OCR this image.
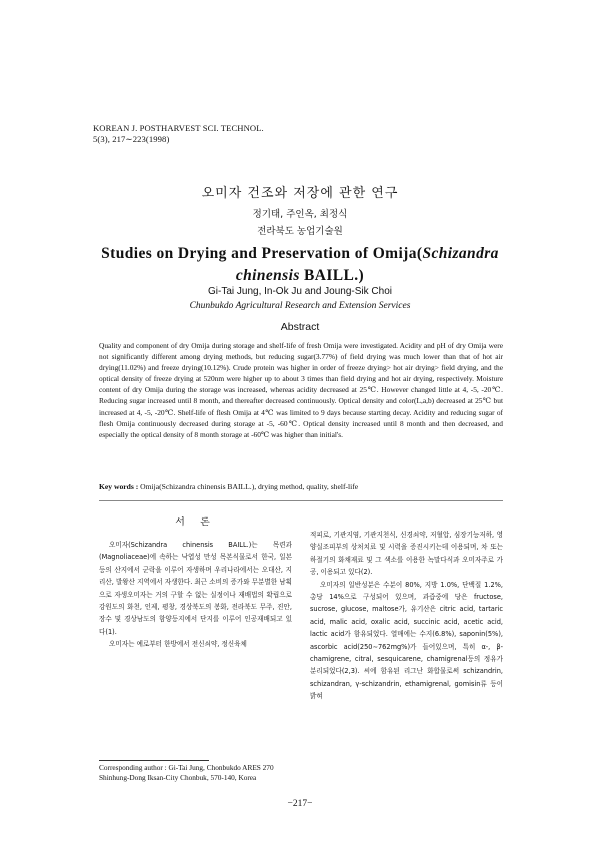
KOREAN J. POSTHARVEST SCI. TECHNOL.
5(3), 217∼223(1998)
오미자 건조와 저장에 관한 연구
정기태, 주인옥, 최정식
전라북도 농업기술원
Studies on Drying and Preservation of Omija(Schizandra
chinensis BAILL.)
Gi-Tai Jung, In-Ok Ju and Joung-Sik Choi
Chunbukdo Agricultural Research and Extension Services
Abstract
Quality and component of dry Omija during storage and shelf-life of fresh Omija were investigated. Acidity and pH of dry Omija were not significantly different among drying methods, but reducing sugar(3.77%) of field drying was much lower than that of hot air drying(11.02%) and freeze drying(10.12%). Crude protein was higher in order of freeze drying> hot air drying> field drying, and the optical density of freeze drying at 520nm were higher up to about 3 times than field drying and hot air drying, respectively. Moisture content of dry Omija during the storage was increased, whereas acidity decreased at 25℃. However changed little at 4, -5, -20℃. Reducing sugar increased until 8 month, and thereafter decreased continuously. Optical density and color(L,a,b) decreased at 25℃ but increased at 4, -5, -20℃. Shelf-life of flesh Omija at 4℃ was limited to 9 days because starting decay. Acidity and reducing sugar of flesh Omija continuously decreased during storage at -5, -60℃. Optical density increased until 8 month and then decreased, and especially the optical density of 8 month storage at -60℃ was higher than initial's.
Key words : Omija(Schizandra chinensis BAILL.), drying method, quality, shelf-life
서 론

오미자(Schizandra chinensis BAILL.)는 목련과(Magnoliaceae)에 속하는 낙엽성 만성 목본식물로서 한국, 일본 등의 산지에서 군락을 이루어 자생하며 우리나라에서는 오대산, 지리산, 발왕산 지역에서 자생한다. 최근 소비의 증가와 무분별한 남획으로 자생오미자는 거의 구할 수 없는 실정이나 재배법의 확립으로 강원도의 화천, 인제, 평창, 경상북도의 봉화, 전라북도 무주, 진안, 장수 및 경상남도의 함양등지에서 단지를 이루어 인공재배되고 있다(1).

오미자는 예로부터 한방에서 전신쇠약, 정신육체

적피로, 기관지염, 기관지천식, 신경쇠약, 저혈압, 심장기능저하, 영양실조피부의 상처치료 및 시력을 증진시키는데 이용되며, 차 또는 하절기의 화채재료 및 그 색소를 이용한 녹말다식과 오미자주로 가공, 이용되고 있다(2).

오미자의 일반성분은 수분이 80%, 지방 1.0%, 단백질 1.2%, 총당 14%으로 구성되어 있으며, 과즙중에 당은 fructose, sucrose, glucose, maltose가, 유기산은 citric acid, tartaric acid, malic acid, oxalic acid, succinic acid, acetic acid, lactic acid가 함유되었다. 열매에는 수지(6.8%), saponin(5%), ascorbic acid(250∼762mg%)가 들어있으며, 특히 α-, β-chamigrene, citral, sesquicarene, chamigrenal등의 정유가 분리되었다(2,3). 씨에 함유된 리그난 화합물로써 schizandrin, schizandran, γ-schizandrin, ethamigrenal, gomisin류 등이 밝혀

Corresponding author : Gi-Tai Jung, Chonbukdo ARES 270 Shinhung-Dong Iksan-City Chonbuk, 570-140, Korea
−217−
